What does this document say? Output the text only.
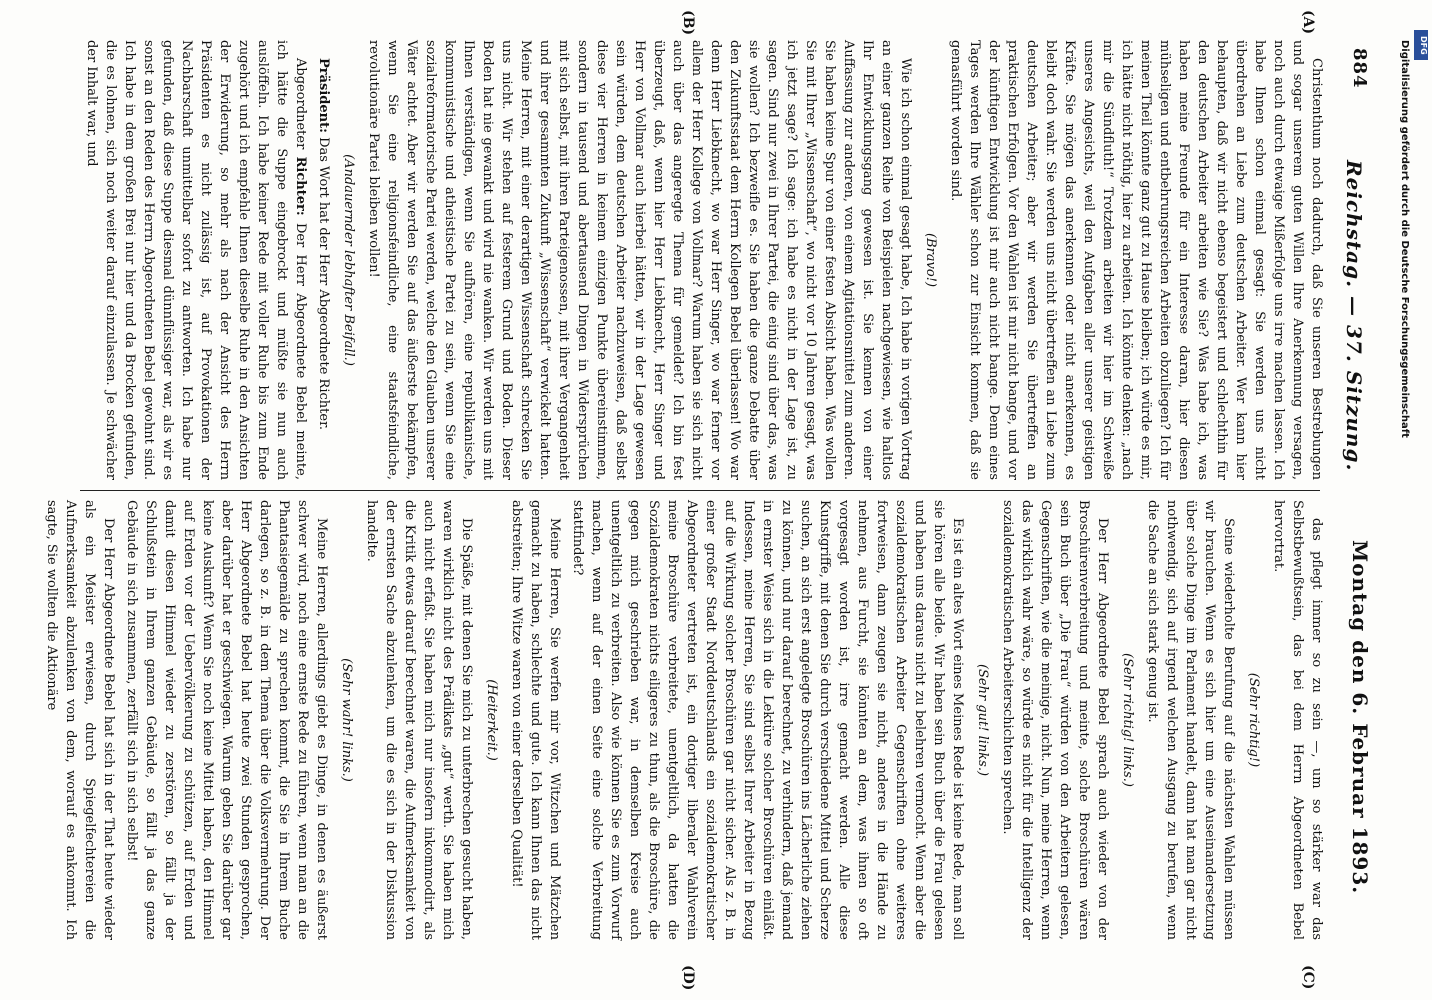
884
Reichstag. — 37. Sitzung.
Montag den 6. Februar 1893.

Christenthum noch dadurch, daß Sie unseren Bestrebungen und sogar unserem guten Willen Ihre Anerkennung versagen, noch auch durch etwaige Mißerfolge uns irre machen lassen. Ich habe Ihnen schon einmal gesagt: Sie werden uns nicht überdrehen an Liebe zum deutschen Arbeiter. Wer kann hier behaupten, daß wir nicht ebenso begeistert und schlechthin für den deutschen Arbeiter arbeiten wie Sie? Was habe ich, was haben meine Freunde für ein Interesse daran, hier diesen mühseligen und entbehrungsreichen Arbeiten obzuliegen? Ich für meinen Theil könnte ganz gut zu Hause bleiben; ich würde es mir, ich hätte nicht nöthig, hier zu arbeiten. Ich könnte denken: „nach mir die Sündfluth!“ Trotzdem arbeiten wir hier im Schweiße unseres Angesichts, weil den Aufgaben aller unserer geistigen Kräfte. Sie mögen das anerkennen oder nicht anerkennen, es bleibt doch wahr. Sie werden uns nicht übertreffen an Liebe zum deutschen Arbeiter; aber wir werden Sie übertreffen an praktischen Erfolgen. Vor den Wahlen ist mir nicht bange, und vor der künftigen Entwicklung ist mir auch nicht bange. Denn eines Tages werden Ihre Wähler schon zur Einsicht kommen, daß sie genasführt worden sind.

(Bravo!)

Wie ich schon einmal gesagt habe, Ich habe in vorigen Vortrag an einer ganzen Reihe von Beispielen nachgewiesen, wie haltlos Ihr Entwicklungsgang gewesen ist. Sie kennen von einer Auffassung zur anderen, von einem Agitationsmittel zum anderen. Sie haben keine Spur von einer festen Absicht haben. Was wollen Sie mit Ihrer „Wissenschaft“, wo nicht vor 10 Jahren gesagt, was ich jetzt sage? Ich sage: ich habe es nicht in der Lage ist, zu sagen. Sind nur zwei in Ihrer Partei, die einig sind über das, was sie wollen? Ich bezweifle es. Sie haben die ganze Debatte über den Zukunftsstaat dem Herrn Kollegen Bebel überlassen! Wo war denn Herr Liebknecht, wo war Herr Singer, wo war ferner vor allem der Herr Kollege von Vollmar? Warum haben sie sich nicht auch über das angeregte Thema für gemeldet? Ich bin fest überzeugt, daß, wenn hier Herr Liebknecht, Herr Singer und Herr von Vollmar auch hierbei hätten, wir in der Lage gewesen sein würden, dem deutschen Arbeiter nachzuweisen, daß selbst diese vier Herren in keinem einzigen Punkte übereinstimmen, sondern in tausend und abertausend Dingen in Widersprüchen mit sich selbst, mit ihren Parteigenossen, mit ihrer Vergangenheit und ihrer gesammten Zukunft „Wissenschaft“ verwickelt hatten. Meine Herren, mit einer derartigen Wissenschaft schrecken Sie uns nicht. Wir stehen auf festerem Grund und Boden. Dieser Boden hat nie gewankt und wird nie wanken. Wir werden uns mit Ihnen verständigen, wenn Sie aufhören, eine republikanische, kommunistische und atheistische Partei zu sein, wenn Sie eine sozialreformatorische Partei werden, welche den Glauben unserer Väter achtet. Aber wir werden Sie auf das äußerste bekämpfen, wenn Sie eine religionsfeindliche, eine staatsfeindliche, revolutionäre Partei bleiben wollen!

(Andauernder lebhafter Beifall.)

Präsident: Das Wort hat der Herr Abgeordnete Richter.

Abgeordneter Richter: Der Herr Abgeordnete Bebel meinte, ich hätte die Suppe eingebrockt und müßte sie nun auch auslöffeln. Ich habe keiner Rede mit voller Ruhe bis zum Ende zugehört und ich empfehle Ihnen dieselbe Ruhe in den Ansichten der Erwiderung, so mehr als nach der Ansicht des Herrn Präsidenten es nicht zulässig ist, auf Provokationen der Nachbarschaft unmittelbar sofort zu antworten. Ich habe nur gefunden, daß diese Suppe diesmal dünnflüssiger war, als wir es sonst an den Reden des Herrn Abgeordneten Bebel gewohnt sind. Ich habe in dem großen Brei nur hier und da Brocken gefunden, die es lohnen, sich noch weiter darauf einzulassen. Je schwächer der Inhalt war, und

das pflegt immer so zu sein —, um so stärker war das Selbstbewußtsein, das bei dem Herrn Abgeordneten Bebel hervortrat.

(Sehr richtig!)

Seine wiederholte Berufung auf die nächsten Wahlen müssen wir brauchen. Wenn es sich hier um eine Auseinandersetzung über solche Dinge im Parlament handelt, dann hat man gar nicht nothwendig, sich auf irgend welchen Ausgang zu berufen, wenn die Sache an sich stark genug ist.

(Sehr richtig! links.)

Der Herr Abgeordnete Bebel sprach auch wieder von der Broschürenverbreitung und meinte, solche Broschüren wären sein Buch über „Die Frau“ würden von den Arbeitern gelesen, Gegenschriften, wie die meinige, nicht. Nun, meine Herren, wenn das wirklich wahr wäre, so würde es nicht für die Intelligenz der sozialdemokratischen Arbeiterschichten sprechen.

(Sehr gut! links.)

Es ist ein altes Wort eines Meines Rede ist keine Rede, man soll sie hören alle beide. Wir haben sein Buch über die Frau gelesen und haben uns daraus nicht zu belehren vermocht. Wenn aber die sozialdemokratischen Arbeiter Gegenschriften ohne weiteres fortweisen, dann zeugen sie nicht, anderes in die Hände zu nehmen, aus Furcht, sie könnten an dem, was ihnen so oft vorgesagt worden ist, irre gemacht werden. Alle diese Kunstgriffe, mit denen Sie durch verschiedene Mittel und Scherze suchen, an sich erst angelegte Broschüren ins Lächerliche ziehen zu können, und nur darauf berechnet, zu verhindern, daß jemand in ernster Weise sich in die Lektüre solcher Broschüren einläßt. Indessen, meine Herren, Sie sind selbst Ihrer Arbeiter in Bezug auf die Wirkung solcher Broschüren gar nicht sicher. Als z. B. in einer großer Stadt Norddeutschlands ein sozialdemokratischer Abgeordneter vertreten ist, ein dortiger liberaler Wahlverein meine Broschüre verbreitete, unentgeltlich, da hatten die Sozialdemokraten nichts eiligeres zu thun, als die Broschüre, die gegen mich geschrieben war, in demselben Kreise auch unentgeltlich zu verbreiten. Also wie können Sie es zum Vorwurf machen, wenn auf der einen Seite eine solche Verbreitung stattfindet?

Meine Herren, Sie werfen mir vor, Witzchen und Mätzchen gemacht zu haben, schlechte und gute. Ich kann Ihnen das nicht abstreiten; Ihre Witze waren von einer derselben Qualität!

(Heiterkeit.)

Die Späße, mit denen Sie mich zu unterbrechen gesucht haben, waren wirklich nicht des Prädikats „gut“ werth. Sie haben mich auch nicht erfaßt. Sie haben mich nur insofern inkommodirt, als die Kritik etwas darauf berechnet waren, die Aufmerksamkeit von der ernsten Sache abzulenken, um die es sich in der Diskussion handelte.

(Sehr wahr! links.)

Meine Herren, allerdings giebt es Dinge, in denen es äußerst schwer wird, noch eine ernste Rede zu führen, wenn man an die Phantasiegemälde zu sprechen kommt, die Sie in Ihrem Buche darlegen, so z. B. in dem Thema über die Volksvermehrung. Der Herr Abgeordnete Bebel hat heute zwei Stunden gesprochen, aber darüber hat er geschwiegen. Warum geben Sie darüber gar keine Auskunft? Wenn Sie noch keine Mittel haben, den Himmel auf Erden vor der Uebervölkerung zu schützen, auf Erden und damit diesen Himmel wieder zu zerstören, so fällt ja der Schlußstein in Ihrem ganzen Gebäude, so fällt ja das ganze Gebäude in sich zusammen, zerfällt sich in sich selbst!

Der Herr Abgeordnete Bebel hat sich in der That heute wieder als ein Meister erwiesen, durch Spiegelfechtereien die Aufmerksamkeit abzulenken von dem, worauf es ankommt. Ich sagte, Sie wollten die Aktionäre

(A)
(B)
(C)
(D)
DFG
Digitalisierung gefördert durch die Deutsche Forschungsgemeinschaft
